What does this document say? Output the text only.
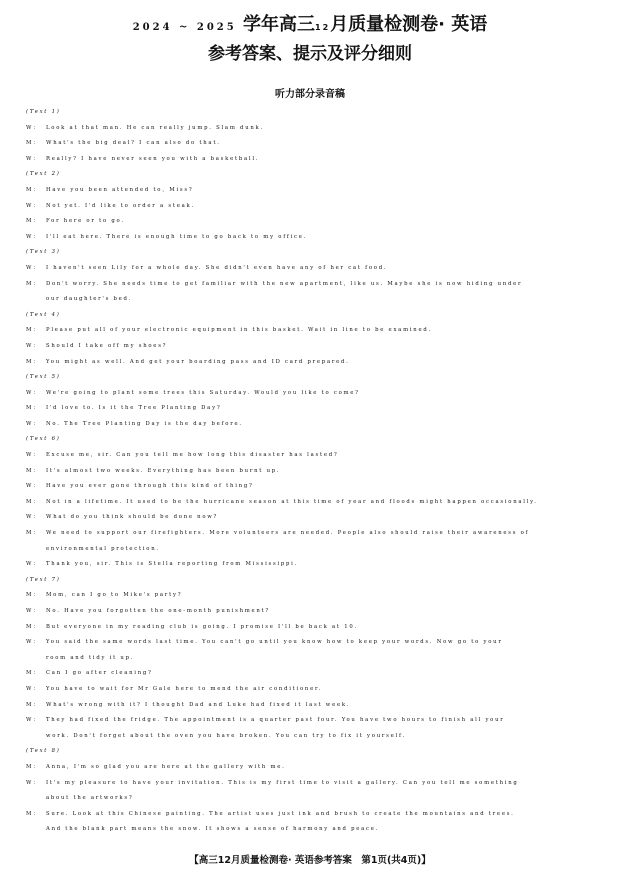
2024 ~ 2025 学年高三12月质量检测卷· 英语
参考答案、提示及评分细则
听力部分录音稿
(Text 1)
W： Look at that man. He can really jump. Slam dunk.
M： What's the big deal? I can also do that.
W： Really? I have never seen you with a basketball.
(Text 2)
M： Have you been attended to，Miss?
W： Not yet. I'd like to order a steak.
M： For here or to go.
W： I'll eat here. There is enough time to go back to my office.
(Text 3)
W： I haven't seen Lily for a whole day. She didn't even have any of her cat food.
M： Don't worry. She needs time to get familiar with the new apartment，like us. Maybe she is now hiding under
our daughter's bed.
(Text 4)
M： Please put all of your electronic equipment in this basket. Wait in line to be examined.
W： Should I take off my shoes?
M： You might as well. And get your boarding pass and ID card prepared.
(Text 5)
W： We're going to plant some trees this Saturday. Would you like to come?
M： I'd love to. Is it the Tree Planting Day?
W： No. The Tree Planting Day is the day before.
(Text 6)
W： Excuse me，sir. Can you tell me how long this disaster has lasted?
M： It's almost two weeks. Everything has been burnt up.
W： Have you ever gone through this kind of thing?
M： Not in a lifetime. It used to be the hurricane season at this time of year and floods might happen occasionally.
W： What do you think should be done now?
M： We need to support our firefighters. More volunteers are needed. People also should raise their awareness of
environmental protection.
W： Thank you，sir. This is Stella reporting from Mississippi.
(Text 7)
M： Mom，can I go to Mike's party?
W： No. Have you forgotten the one-month punishment?
M： But everyone in my reading club is going. I promise I'll be back at 10.
W： You said the same words last time. You can't go until you know how to keep your words. Now go to your
room and tidy it up.
M： Can I go after cleaning?
W： You have to wait for Mr Gale here to mend the air conditioner.
M： What's wrong with it? I thought Dad and Luke had fixed it last week.
W： They had fixed the fridge. The appointment is a quarter past four. You have two hours to finish all your
work. Don't forget about the oven you have broken. You can try to fix it yourself.
(Text 8)
M： Anna，I'm so glad you are here at the gallery with me.
W： It's my pleasure to have your invitation. This is my first time to visit a gallery. Can you tell me something
about the artworks?
M： Sure. Look at this Chinese painting. The artist uses just ink and brush to create the mountains and trees.
And the blank part means the snow. It shows a sense of harmony and peace.
【高三12月质量检测卷· 英语参考答案　第1页(共4页)】
